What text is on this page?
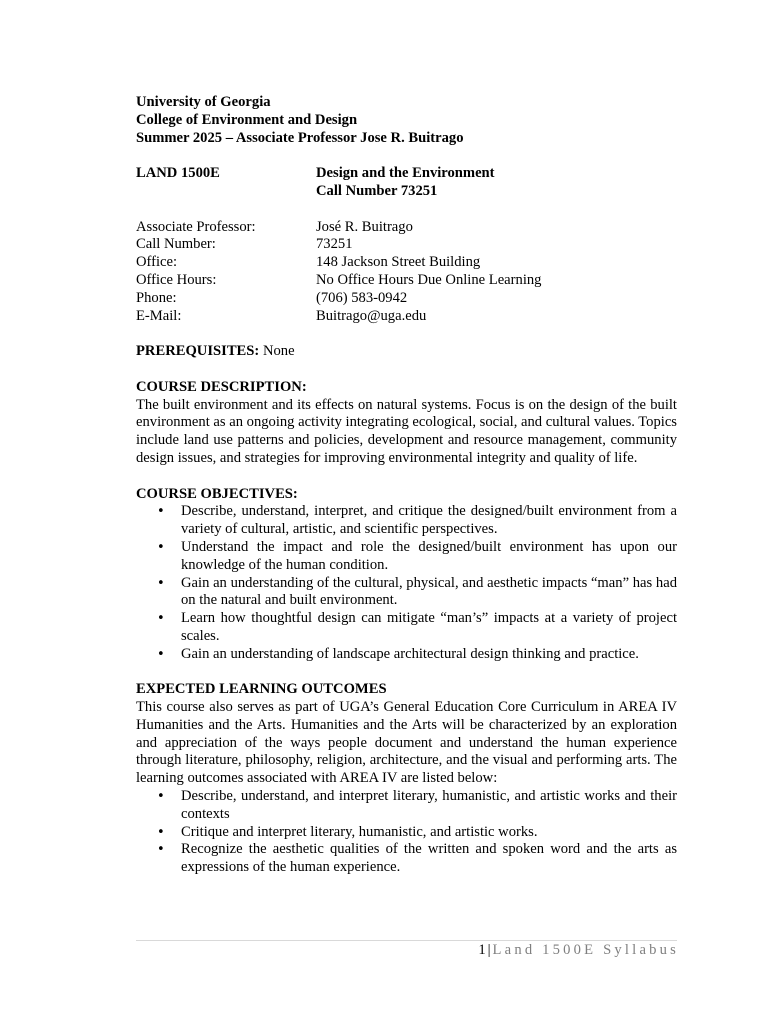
University of Georgia
College of Environment and Design
Summer 2025 – Associate Professor Jose R. Buitrago
LAND 1500E	Design and the Environment
Call Number 73251
Associate Professor:	José R. Buitrago
Call Number:	73251
Office:	148 Jackson Street Building
Office Hours:	No Office Hours Due Online Learning
Phone:	(706) 583-0942
E-Mail:	Buitrago@uga.edu
PREREQUISITES: None
COURSE DESCRIPTION:
The built environment and its effects on natural systems. Focus is on the design of the built environment as an ongoing activity integrating ecological, social, and cultural values. Topics include land use patterns and policies, development and resource management, community design issues, and strategies for improving environmental integrity and quality of life.
COURSE OBJECTIVES:
• Describe, understand, interpret, and critique the designed/built environment from a variety of cultural, artistic, and scientific perspectives.
• Understand the impact and role the designed/built environment has upon our knowledge of the human condition.
• Gain an understanding of the cultural, physical, and aesthetic impacts “man” has had on the natural and built environment.
• Learn how thoughtful design can mitigate “man’s” impacts at a variety of project scales.
• Gain an understanding of landscape architectural design thinking and practice.
EXPECTED LEARNING OUTCOMES
This course also serves as part of UGA’s General Education Core Curriculum in AREA IV Humanities and the Arts. Humanities and the Arts will be characterized by an exploration and appreciation of the ways people document and understand the human experience through literature, philosophy, religion, architecture, and the visual and performing arts. The learning outcomes associated with AREA IV are listed below:
• Describe, understand, and interpret literary, humanistic, and artistic works and their contexts
• Critique and interpret literary, humanistic, and artistic works.
• Recognize the aesthetic qualities of the written and spoken word and the arts as expressions of the human experience.
1 | Land 1500E Syllabus
